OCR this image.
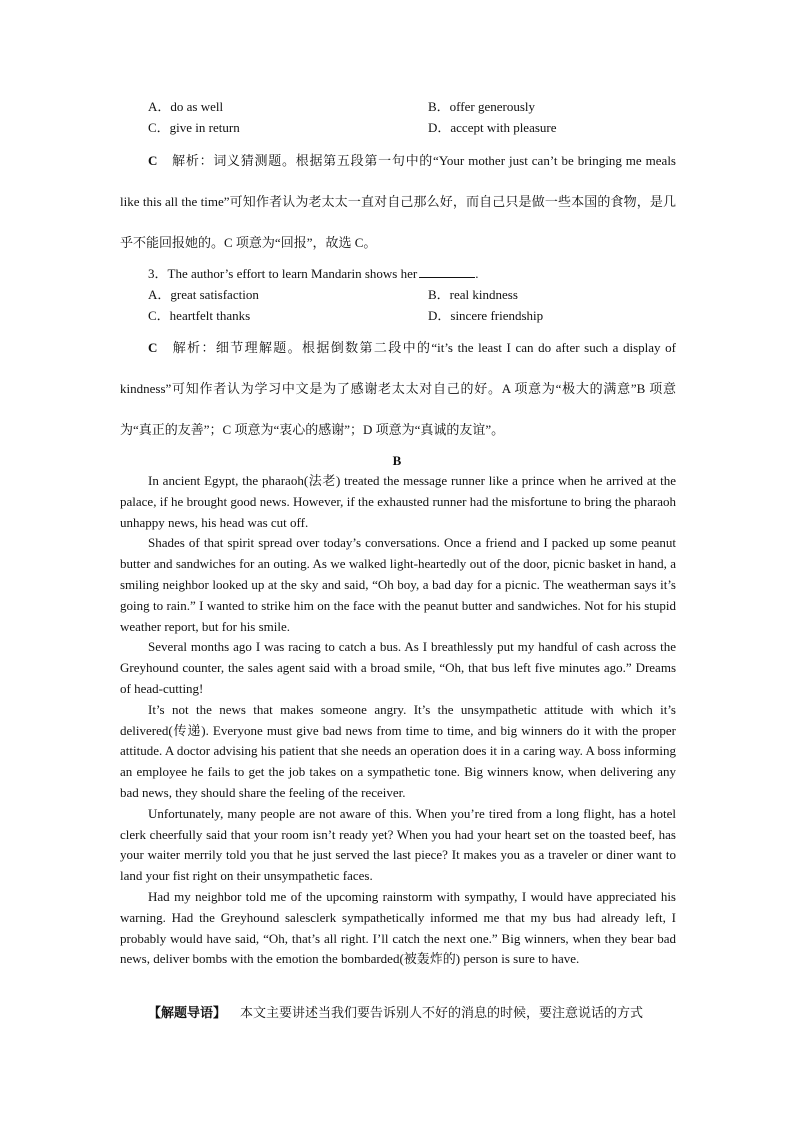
A．do as well	B．offer generously
C．give in return	D．accept with pleasure
C 解析：词义猜测题。根据第五段第一句中的“Your mother just can’t be bringing me meals like this all the time”可知作者认为老太太一直对自己那么好，而自己只是做一些本国的食物，是几乎不能回报她的。C 项意为“回报”，故选 C。
3．The author’s effort to learn Mandarin shows her	.
A．great satisfaction	B．real kindness
C．heartfelt thanks	D．sincere friendship
C 解析：细节理解题。根据倒数第二段中的“it’s the least I can do after such a display of kindness”可知作者认为学习中文是为了感谢老太太对自己的好。A 项意为“极大的满意”B 项意为“真正的友善”；C 项意为“衷心的感谢”；D 项意为“真诚的友谊”。
B

In ancient Egypt, the pharaoh(法老) treated the message runner like a prince when he arrived at the palace, if he brought good news. However, if the exhausted runner had the misfortune to bring the pharaoh unhappy news, his head was cut off.

Shades of that spirit spread over today’s conversations. Once a friend and I packed up some peanut butter and sandwiches for an outing. As we walked light-heartedly out of the door, picnic basket in hand, a smiling neighbor looked up at the sky and said, “Oh boy, a bad day for a picnic. The weatherman says it’s going to rain.” I wanted to strike him on the face with the peanut butter and sandwiches. Not for his stupid weather report, but for his smile.

Several months ago I was racing to catch a bus. As I breathlessly put my handful of cash across the Greyhound counter, the sales agent said with a broad smile, “Oh, that bus left five minutes ago.” Dreams of head-cutting!

It’s not the news that makes someone angry. It’s the unsympathetic attitude with which it’s delivered(传递). Everyone must give bad news from time to time, and big winners do it with the proper attitude. A doctor advising his patient that she needs an operation does it in a caring way. A boss informing an employee he fails to get the job takes on a sympathetic tone. Big winners know, when delivering any bad news, they should share the feeling of the receiver.

Unfortunately, many people are not aware of this. When you’re tired from a long flight, has a hotel clerk cheerfully said that your room isn’t ready yet? When you had your heart set on the toasted beef, has your waiter merrily told you that he just served the last piece? It makes you as a traveler or diner want to land your fist right on their unsympathetic faces.

Had my neighbor told me of the upcoming rainstorm with sympathy, I would have appreciated his warning. Had the Greyhound salesclerk sympathetically informed me that my bus had already left, I probably would have said, “Oh, that’s all right. I’ll catch the next one.” Big winners, when they bear bad news, deliver bombs with the emotion the bombarded(被轰炸的) person is sure to have.

【解题导语】 本文主要讲述当我们要告诉别人不好的消息的时候，要注意说话的方式
